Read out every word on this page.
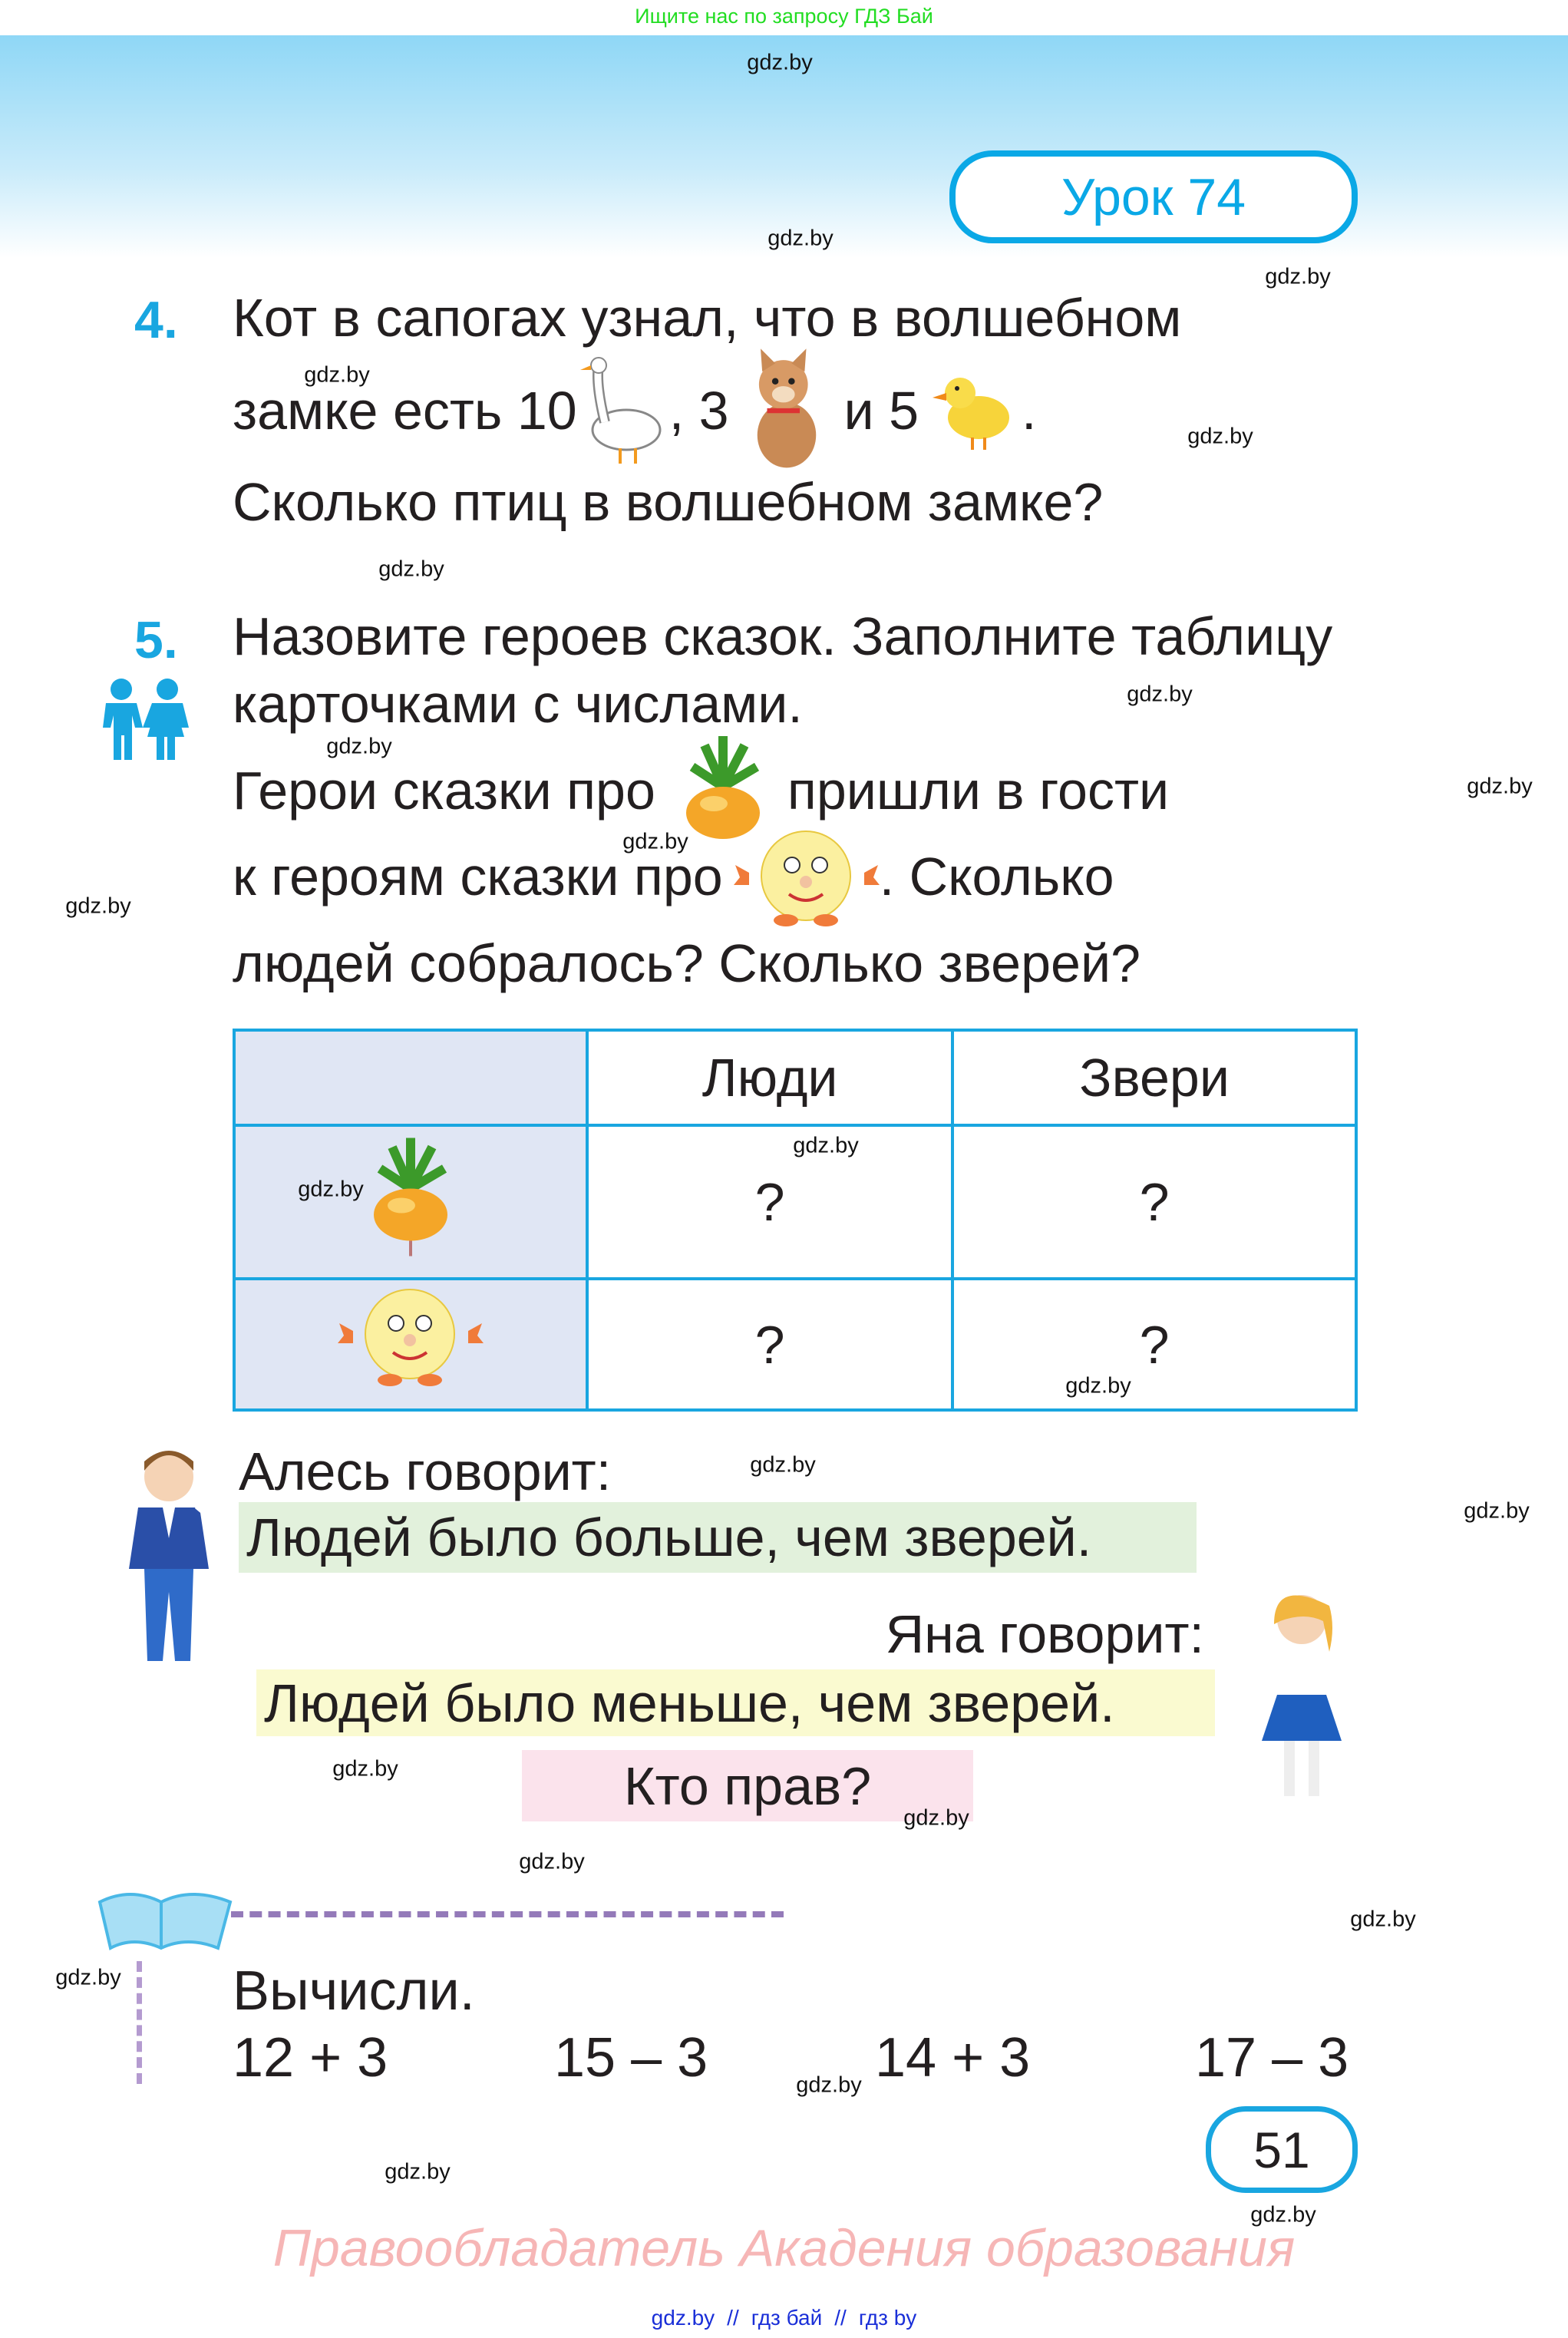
Ищите нас по запросу ГДЗ Бай
Урок 74
4. Кот в сапогах узнал, что в волшебном
замке есть 10 , 3 и 5 .
Сколько птиц в волшебном замке?
5. Назовите героев сказок. Заполните таблицу
карточками с числами.
Герои сказки про пришли в гости
к героям сказки про	. Сколько
людей собралось? Сколько зверей?
	Люди	Звери
	?	?
	?	?
Алесь говорит:
Людей было больше, чем зверей.
Яна говорит:
Людей было меньше, чем зверей.
Кто прав?
Вычисли.
12 + 3	15 – 3	14 + 3	17 – 3
51
Правообладатель Акадения образования
gdz.by // гдз бай // гдз by
gdz.by
gdz.by
gdz.by
gdz.by
gdz.by
gdz.by
gdz.by
gdz.by
gdz.by
gdz.by
gdz.by
gdz.by
gdz.by
gdz.by
gdz.by
gdz.by
gdz.by
gdz.by
gdz.by
gdz.by
gdz.by
gdz.by
gdz.by
gdz.by
